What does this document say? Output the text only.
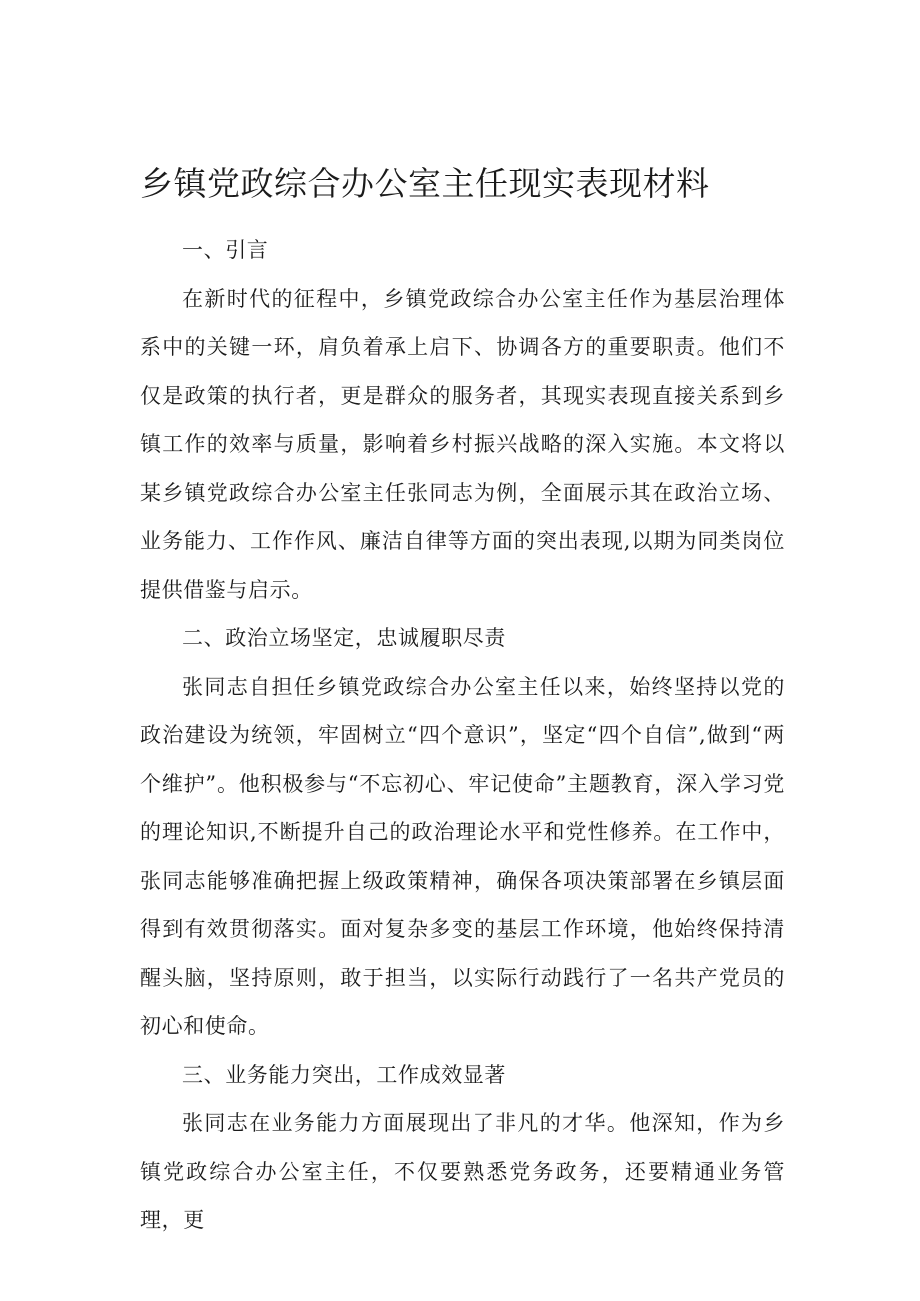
乡镇党政综合办公室主任现实表现材料

一、引言

在新时代的征程中，乡镇党政综合办公室主任作为基层治理体系中的关键一环，肩负着承上启下、协调各方的重要职责。他们不仅是政策的执行者，更是群众的服务者，其现实表现直接关系到乡镇工作的效率与质量，影响着乡村振兴战略的深入实施。本文将以某乡镇党政综合办公室主任张同志为例，全面展示其在政治立场、业务能力、工作作风、廉洁自律等方面的突出表现,以期为同类岗位提供借鉴与启示。

二、政治立场坚定，忠诚履职尽责

张同志自担任乡镇党政综合办公室主任以来，始终坚持以党的政治建设为统领，牢固树立“四个意识”，坚定“四个自信”,做到“两个维护”。他积极参与“不忘初心、牢记使命”主题教育，深入学习党的理论知识,不断提升自己的政治理论水平和党性修养。在工作中，张同志能够准确把握上级政策精神，确保各项决策部署在乡镇层面得到有效贯彻落实。面对复杂多变的基层工作环境，他始终保持清醒头脑，坚持原则，敢于担当，以实际行动践行了一名共产党员的初心和使命。

三、业务能力突出，工作成效显著

张同志在业务能力方面展现出了非凡的才华。他深知，作为乡镇党政综合办公室主任，不仅要熟悉党务政务，还要精通业务管理，更
